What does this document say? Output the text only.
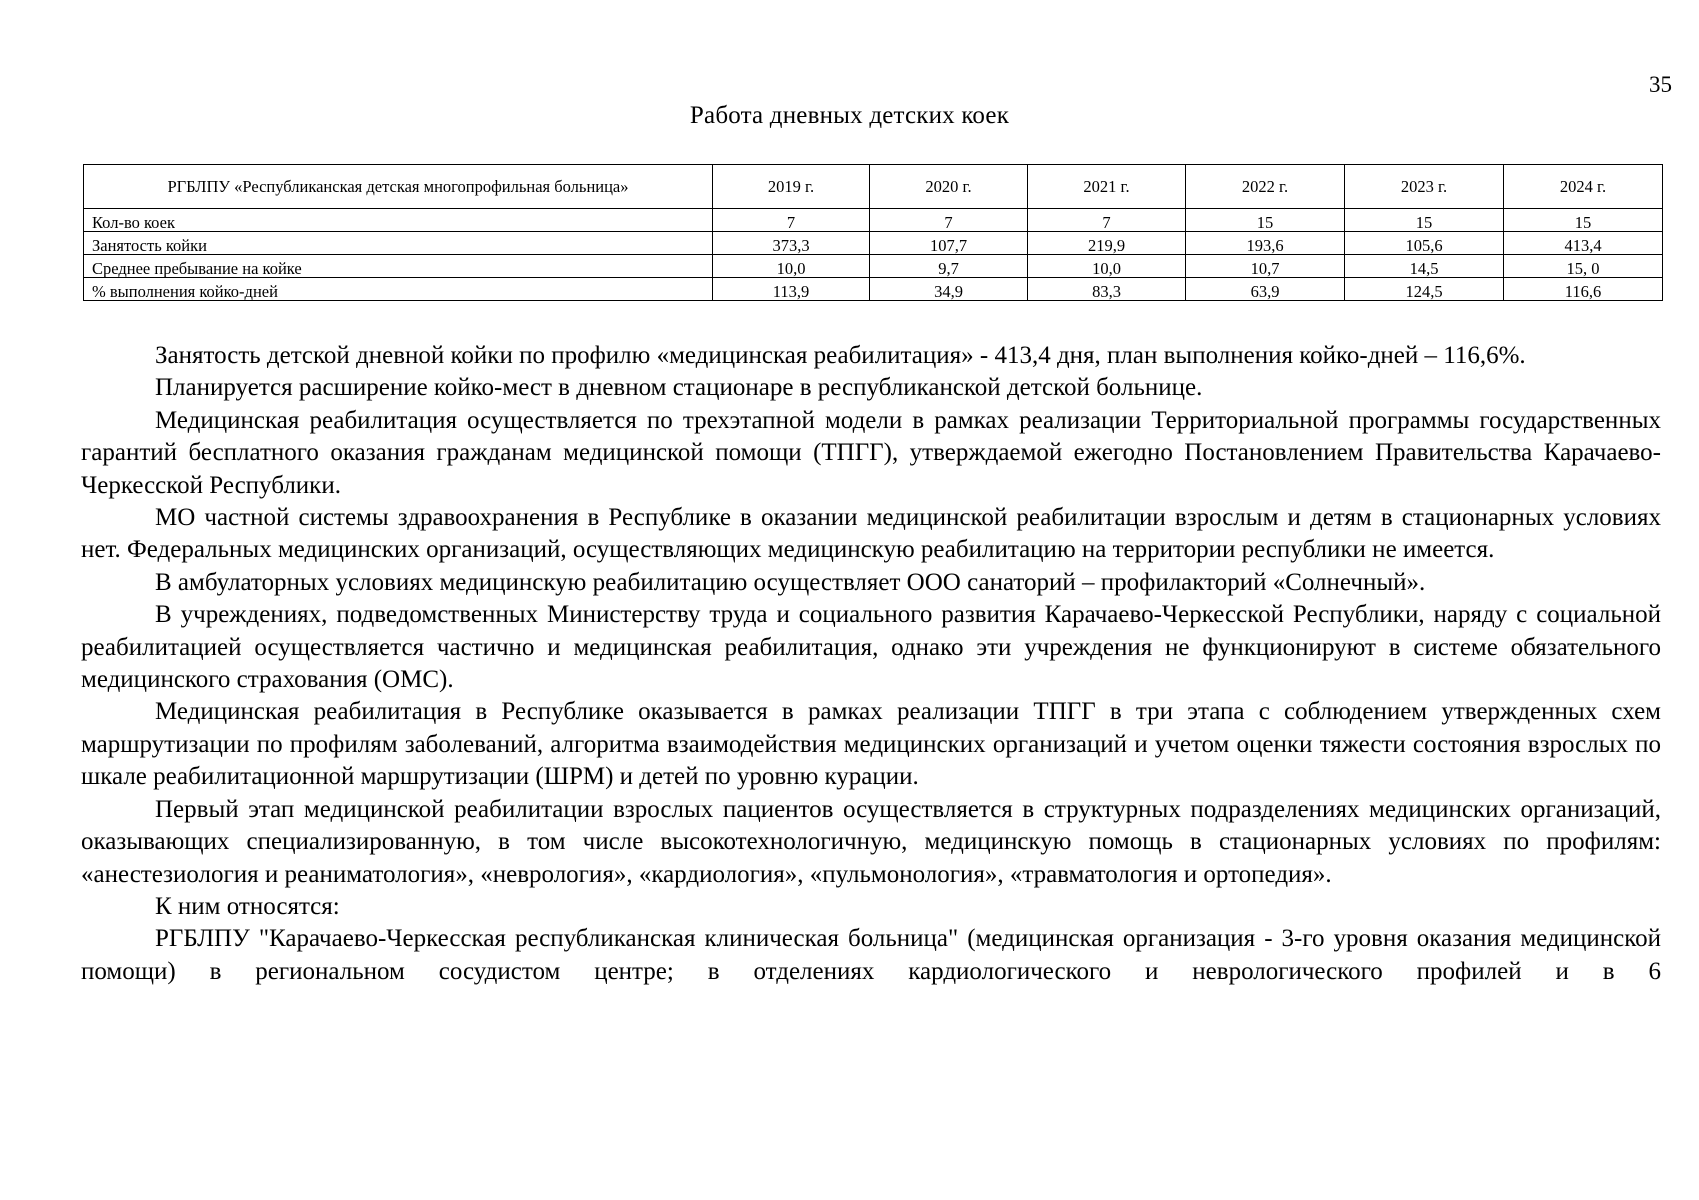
35
Работа дневных детских коек
РГБЛПУ «Республиканская детская многопрофильная больница»	2019 г.	2020 г.	2021 г.	2022 г.	2023 г.	2024 г.
Кол-во коек	7	7	7	15	15	15
Занятость койки	373,3	107,7	219,9	193,6	105,6	413,4
Среднее пребывание на койке	10,0	9,7	10,0	10,7	14,5	15, 0
% выполнения койко-дней	113,9	34,9	83,3	63,9	124,5	116,6

Занятость детской дневной койки по профилю «медицинская реабилитация» - 413,4 дня, план выполнения койко-дней – 116,6%.

Планируется расширение койко-мест в дневном стационаре в республиканской детской больнице.

Медицинская реабилитация осуществляется по трехэтапной модели в рамках реализации Территориальной программы государственных гарантий бесплатного оказания гражданам медицинской помощи (ТПГГ), утверждаемой ежегодно Постановлением Правительства Карачаево-Черкесской Республики.

МО частной системы здравоохранения в Республике в оказании медицинской реабилитации взрослым и детям в стационарных условиях нет. Федеральных медицинских организаций, осуществляющих медицинскую реабилитацию на территории республики не имеется.

В амбулаторных условиях медицинскую реабилитацию осуществляет ООО санаторий – профилакторий «Солнечный».

В учреждениях, подведомственных Министерству труда и социального развития Карачаево-Черкесской Республики, наряду с социальной реабилитацией осуществляется частично и медицинская реабилитация, однако эти учреждения не функционируют в системе обязательного медицинского страхования (ОМС).

Медицинская реабилитация в Республике оказывается в рамках реализации ТПГГ в три этапа с соблюдением утвержденных схем маршрутизации по профилям заболеваний, алгоритма взаимодействия медицинских организаций и учетом оценки тяжести состояния взрослых по шкале реабилитационной маршрутизации (ШРМ) и детей по уровню курации.

Первый этап медицинской реабилитации взрослых пациентов осуществляется в структурных подразделениях медицинских организаций, оказывающих специализированную, в том числе высокотехнологичную, медицинскую помощь в стационарных условиях по профилям: «анестезиология и реаниматология», «неврология», «кардиология», «пульмонология», «травматология и ортопедия».

К ним относятся:

РГБЛПУ "Карачаево-Черкесская республиканская клиническая больница" (медицинская организация - 3-го уровня оказания медицинской помощи) в региональном сосудистом центре; в отделениях кардиологического и неврологического профилей и в 6
